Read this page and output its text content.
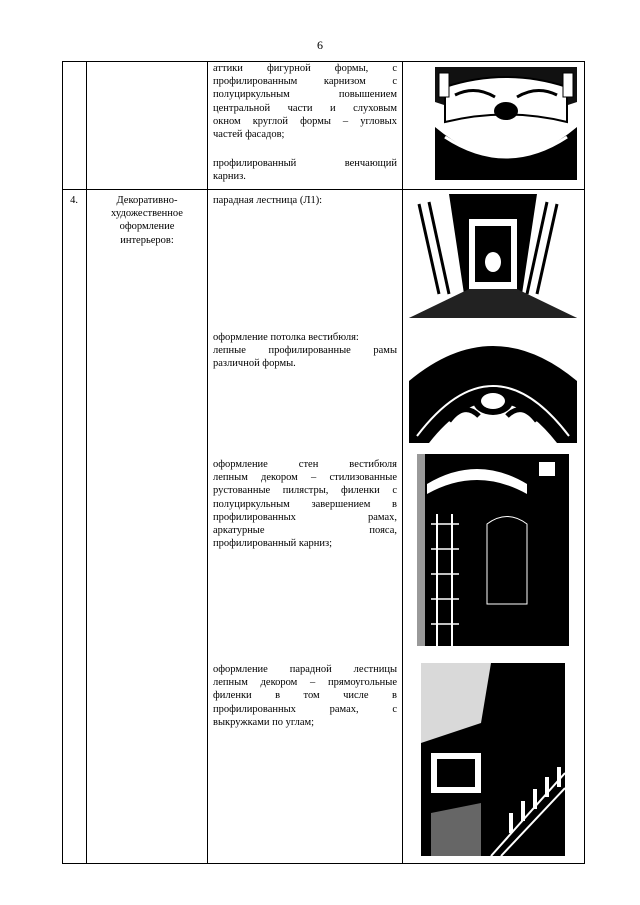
6
аттики фигурной формы, с
профилированным карнизом с
полуциркульным повышением
центральной части и слуховым
окном круглой формы – угловых
частей фасадов;
профилированный венчающий
карниз.
4.	Декоративно-
художественное
оформление
интерьеров:
парадная лестница (Л1):
оформление потолка вестибюля:
лепные профилированные рамы
различной формы.
оформление стен вестибюля
лепным декором – стилизованные
рустованные пилястры, филенки с
полуциркульным завершением в
профилированных рамах,
аркатурные пояса,
профилированный карниз;
оформление парадной лестницы
лепным декором – прямоугольные
филенки в том числе в
профилированных рамах, с
выкружками по углам;
